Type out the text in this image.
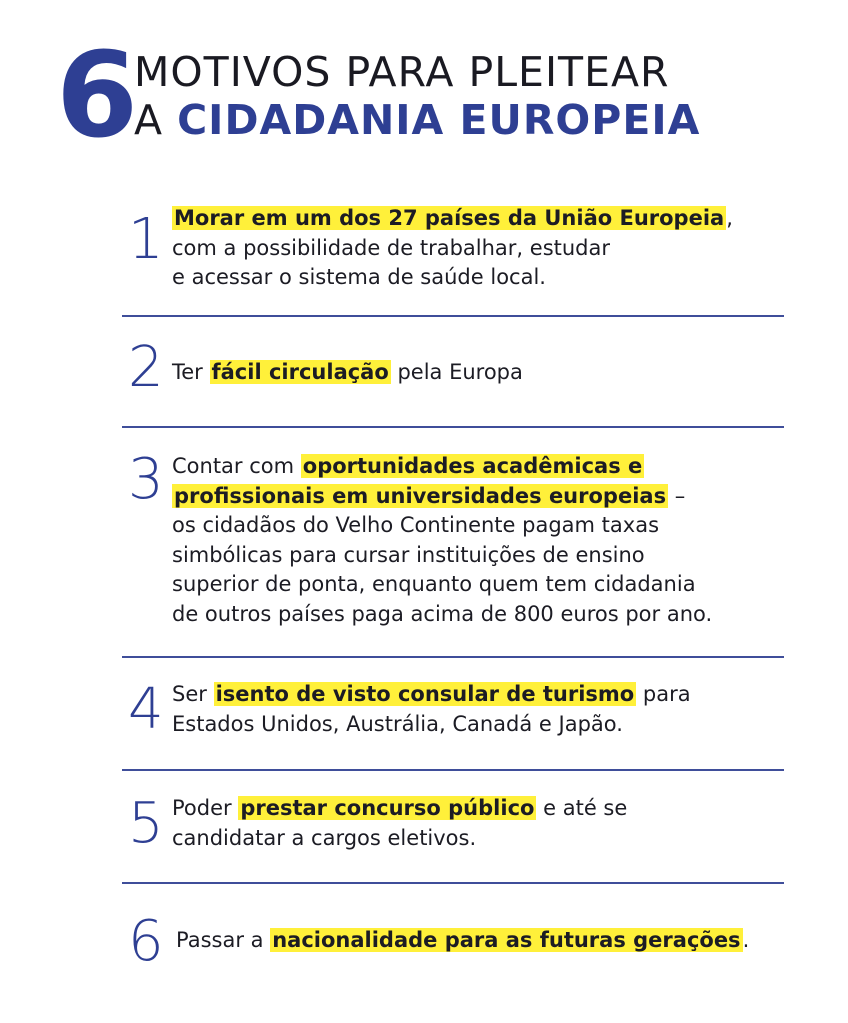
6
MOTIVOS PARA PLEITEAR
A CIDADANIA EUROPEIA
1 Morar em um dos 27 países da União Europeia,
com a possibilidade de trabalhar, estudar
e acessar o sistema de saúde local.
2 Ter fácil circulação pela Europa
3 Contar com oportunidades acadêmicas e
profissionais em universidades europeias –
os cidadãos do Velho Continente pagam taxas
simbólicas para cursar instituições de ensino
superior de ponta, enquanto quem tem cidadania
de outros países paga acima de 800 euros por ano.
4 Ser isento de visto consular de turismo para
Estados Unidos, Austrália, Canadá e Japão.
5 Poder prestar concurso público e até se
candidatar a cargos eletivos.
6 Passar a nacionalidade para as futuras gerações.
